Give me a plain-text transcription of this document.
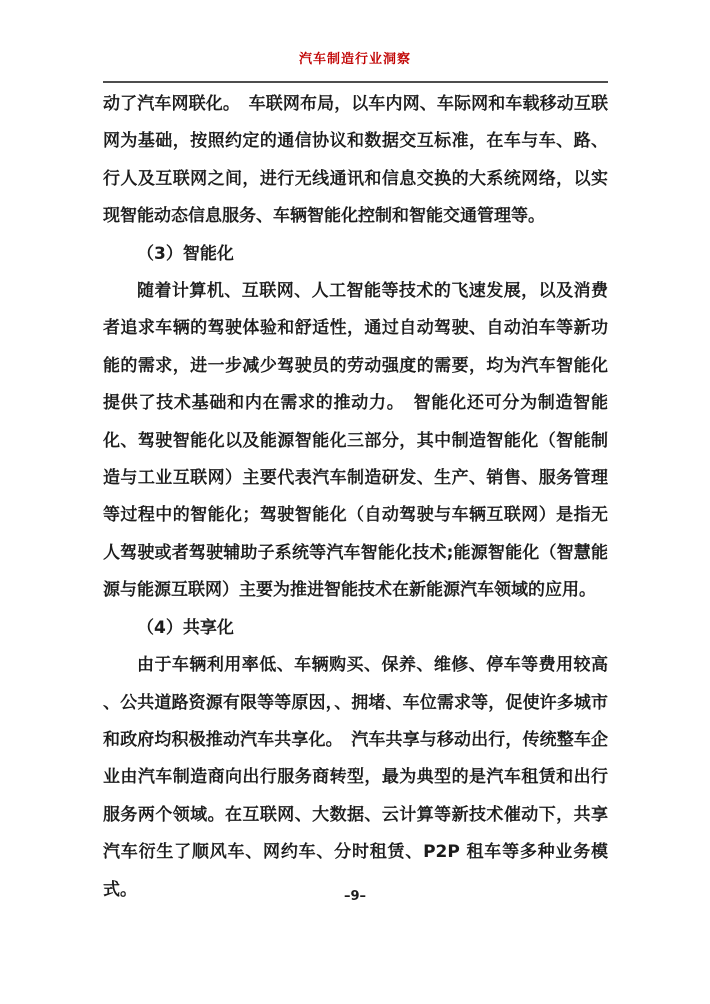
汽车制造行业洞察

动了汽车网联化。　车联网布局，以车内网、车际网和车载移动互联网为基础，按照约定的通信协议和数据交互标准，在车与车、路、行人及互联网之间，进行无线通讯和信息交换的大系统网络，以实现智能动态信息服务、车辆智能化控制和智能交通管理等。

（3）智能化

随着计算机、互联网、人工智能等技术的飞速发展，以及消费者追求车辆的驾驶体验和舒适性，通过自动驾驶、自动泊车等新功能的需求，进一步减少驾驶员的劳动强度的需要，均为汽车智能化提供了技术基础和内在需求的推动力。　智能化还可分为制造智能化、驾驶智能化以及能源智能化三部分，其中制造智能化（智能制造与工业互联网）主要代表汽车制造研发、生产、销售、服务管理等过程中的智能化；驾驶智能化（自动驾驶与车辆互联网）是指无人驾驶或者驾驶辅助子系统等汽车智能化技术;能源智能化（智慧能源与能源互联网）主要为推进智能技术在新能源汽车领域的应用。

（4）共享化

由于车辆利用率低、车辆购买、保养、维修、停车等费用较高 、公共道路资源有限等等原因，、拥堵、车位需求等，促使许多城市和政府均积极推动汽车共享化。　汽车共享与移动出行，传统整车企业由汽车制造商向出行服务商转型，最为典型的是汽车租赁和出行服务两个领域。在互联网、大数据、云计算等新技术催动下，共享汽车衍生了顺风车、网约车、分时租赁、P2P 租车等多种业务模式。	–9–
